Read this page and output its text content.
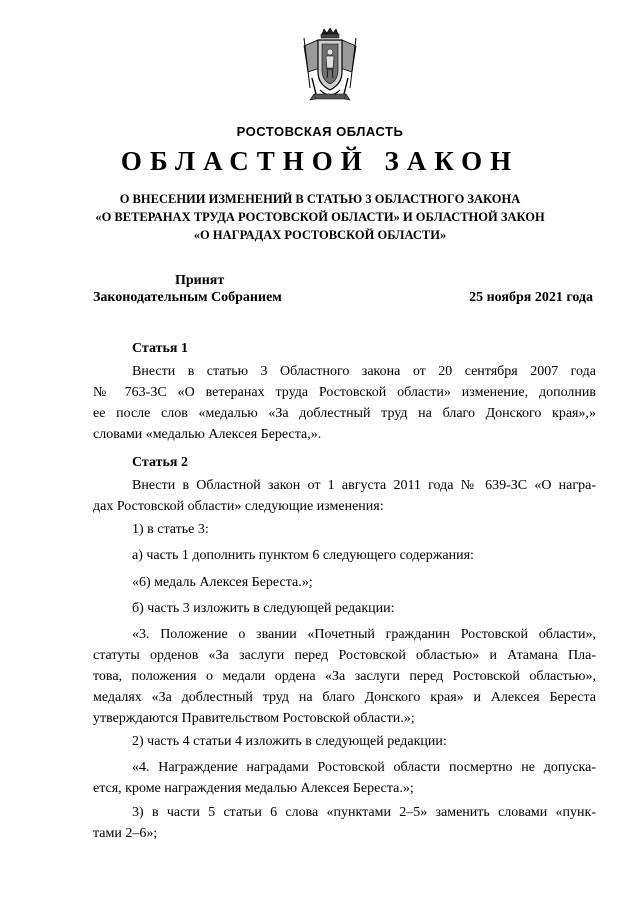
РОСТОВСКАЯ ОБЛАСТЬ
ОБЛАСТНОЙ ЗАКОН
О ВНЕСЕНИИ ИЗМЕНЕНИЙ В СТАТЬЮ 3 ОБЛАСТНОГО ЗАКОНА
«О ВЕТЕРАНАХ ТРУДА РОСТОВСКОЙ ОБЛАСТИ» И ОБЛАСТНОЙ ЗАКОН
«О НАГРАДАХ РОСТОВСКОЙ ОБЛАСТИ»
Принят
Законодательным Собранием	25 ноября 2021 года
Статья 1
Внести в статью 3 Областного закона от 20 сентября 2007 года
№ 763-ЗС «О ветеранах труда Ростовской области» изменение, дополнив
ее после слов «медалью «За доблестный труд на благо Донского края»,»
словами «медалью Алексея Береста,».
Статья 2
Внести в Областной закон от 1 августа 2011 года № 639-ЗС «О награ-
дах Ростовской области» следующие изменения:
1) в статье 3:
а) часть 1 дополнить пунктом 6 следующего содержания:
«6) медаль Алексея Береста.»;
б) часть 3 изложить в следующей редакции:
«3. Положение о звании «Почетный гражданин Ростовской области»,
статуты орденов «За заслуги перед Ростовской областью» и Атамана Пла-
това, положения о медали ордена «За заслуги перед Ростовской областью»,
медалях «За доблестный труд на благо Донского края» и Алексея Береста
утверждаются Правительством Ростовской области.»;
2) часть 4 статьи 4 изложить в следующей редакции:
«4. Награждение наградами Ростовской области посмертно не допуска-
ется, кроме награждения медалью Алексея Береста.»;
3) в части 5 статьи 6 слова «пунктами 2–5» заменить словами «пунк-
тами 2–6»;
